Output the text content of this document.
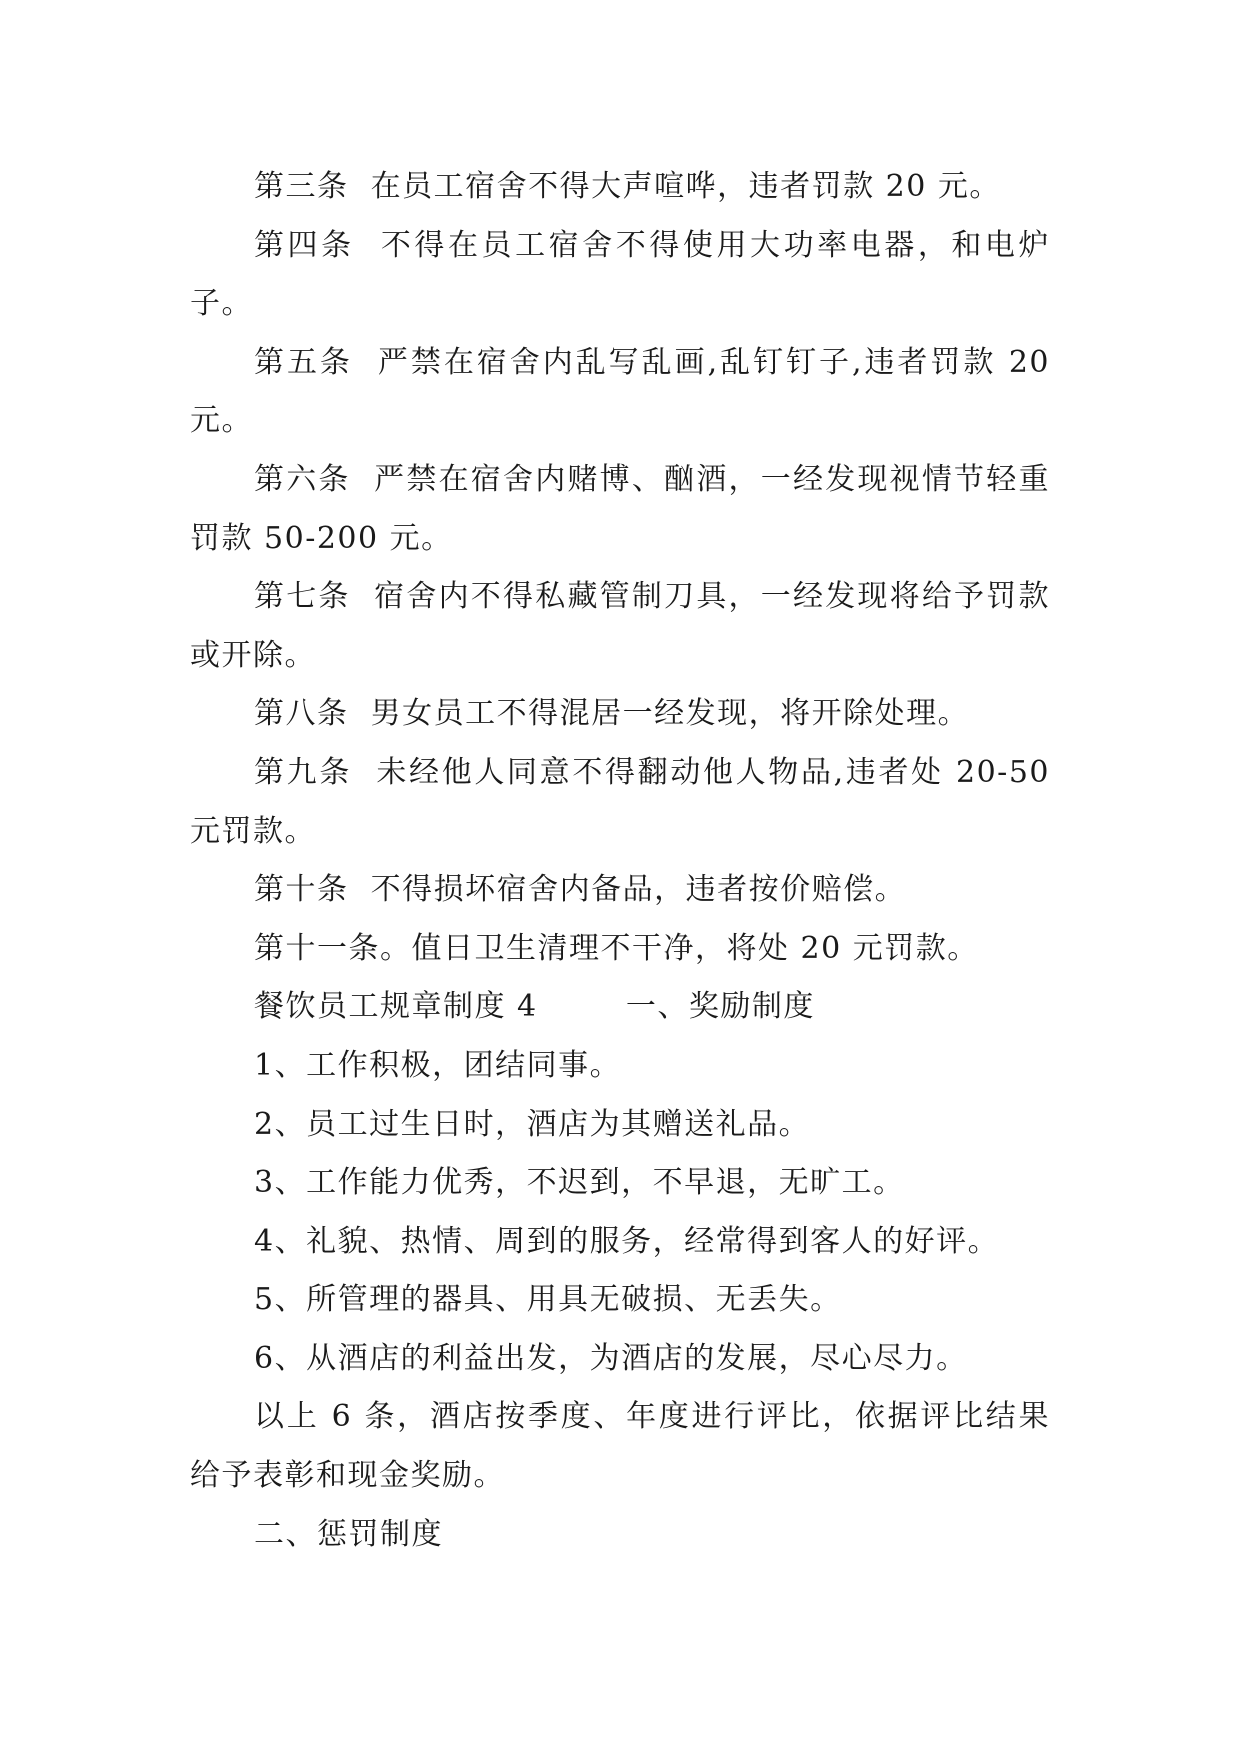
第三条  在员工宿舍不得大声喧哗，违者罚款 20 元。

第四条  不得在员工宿舍不得使用大功率电器，和电炉子。

第五条  严禁在宿舍内乱写乱画,乱钉钉子,违者罚款 20 元。

第六条  严禁在宿舍内赌博、酗酒，一经发现视情节轻重罚款 50-200 元。

第七条  宿舍内不得私藏管制刀具，一经发现将给予罚款或开除。

第八条  男女员工不得混居一经发现，将开除处理。

第九条  未经他人同意不得翻动他人物品,违者处 20-50 元罚款。

第十条  不得损坏宿舍内备品，违者按价赔偿。

第十一条。值日卫生清理不干净，将处 20 元罚款。

餐饮员工规章制度 4        一、奖励制度

1、工作积极，团结同事。

2、员工过生日时，酒店为其赠送礼品。

3、工作能力优秀，不迟到，不早退，无旷工。

4、礼貌、热情、周到的服务，经常得到客人的好评。

5、所管理的器具、用具无破损、无丢失。

6、从酒店的利益出发，为酒店的发展，尽心尽力。

以上 6 条，酒店按季度、年度进行评比，依据评比结果给予表彰和现金奖励。

二、惩罚制度
